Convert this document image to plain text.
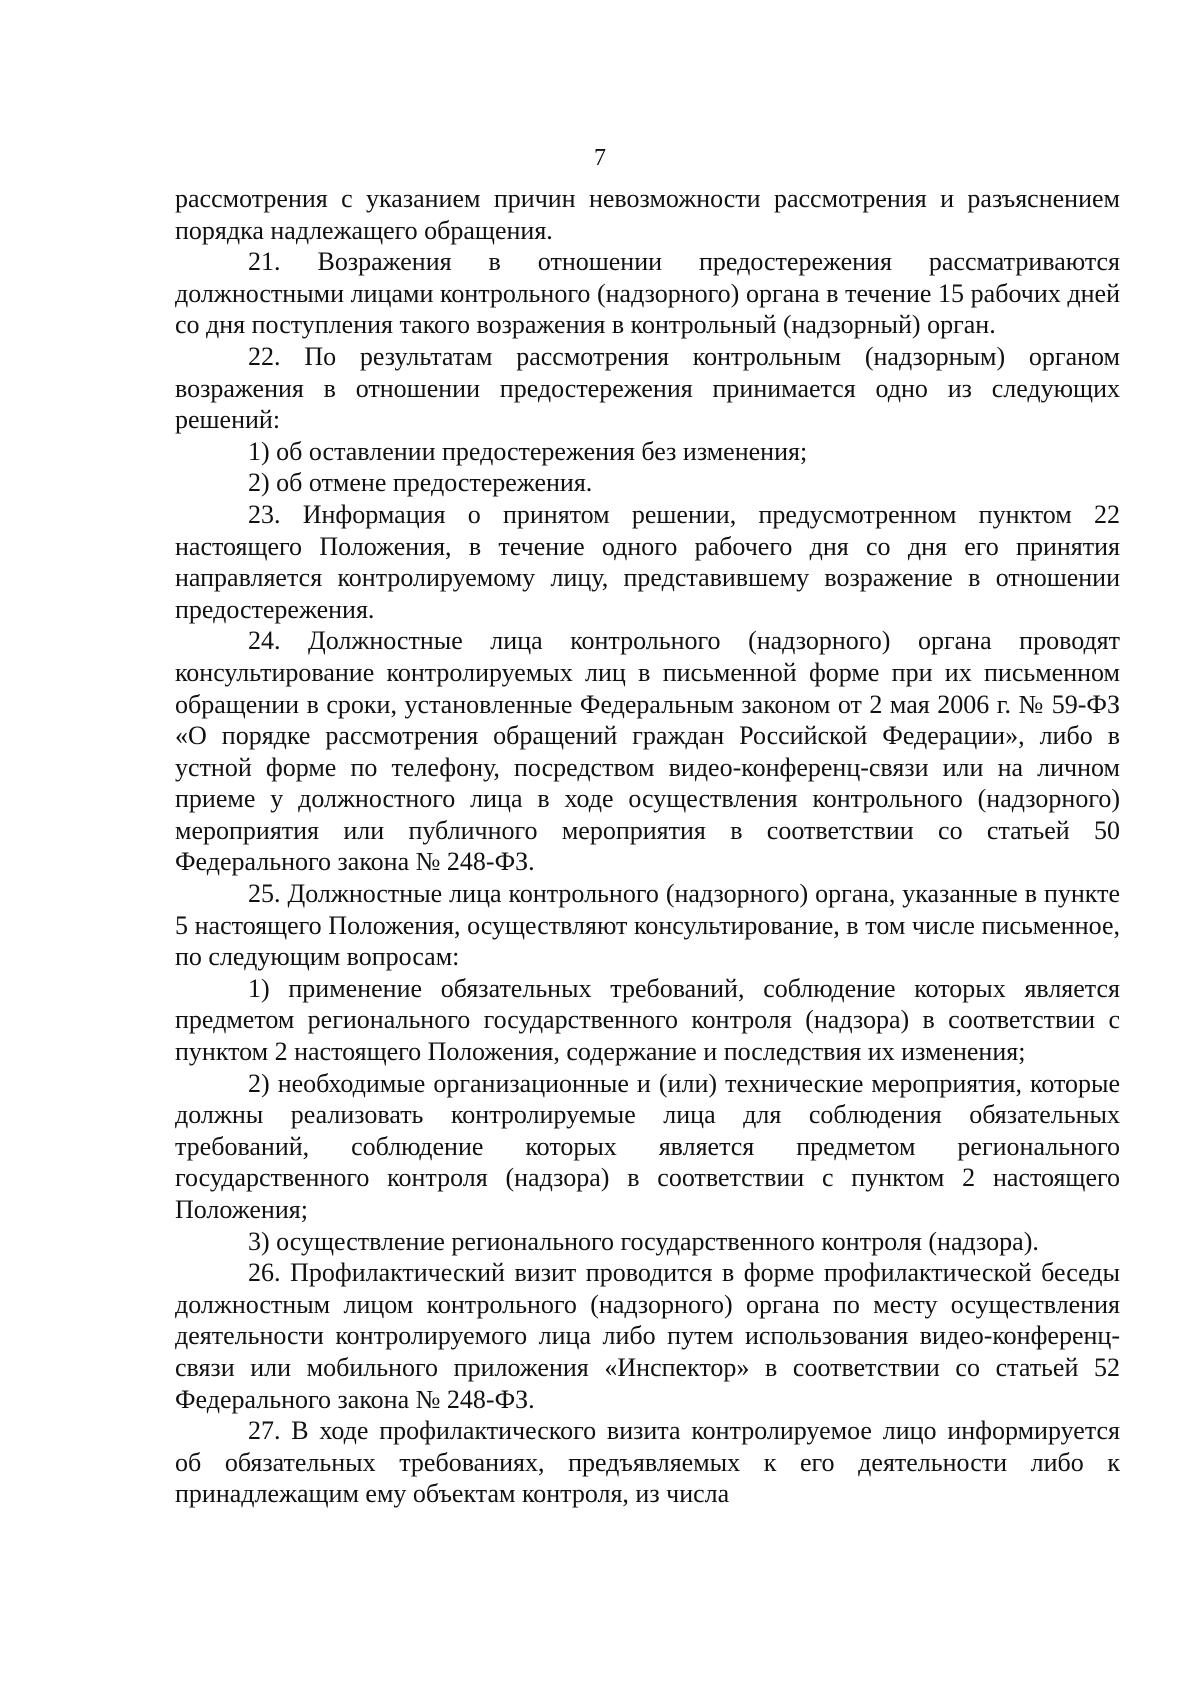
7

рассмотрения с указанием причин невозможности рассмотрения и разъяснением порядка надлежащего обращения.

21. Возражения в отношении предостережения рассматриваются должностными лицами контрольного (надзорного) органа в течение 15 рабочих дней со дня поступления такого возражения в контрольный (надзорный) орган.

22. По результатам рассмотрения контрольным (надзорным) органом возражения в отношении предостережения принимается одно из следующих решений:

1) об оставлении предостережения без изменения;

2) об отмене предостережения.

23. Информация о принятом решении, предусмотренном пунктом 22 настоящего Положения, в течение одного рабочего дня со дня его принятия направляется контролируемому лицу, представившему возражение в отношении предостережения.

24. Должностные лица контрольного (надзорного) органа проводят консультирование контролируемых лиц в письменной форме при их письменном обращении в сроки, установленные Федеральным законом от 2 мая 2006 г. № 59-ФЗ «О порядке рассмотрения обращений граждан Российской Федерации», либо в устной форме по телефону, посредством видео-конференц-связи или на личном приеме у должностного лица в ходе осуществления контрольного (надзорного) мероприятия или публичного мероприятия в соответствии со статьей 50 Федерального закона № 248-ФЗ.

25. Должностные лица контрольного (надзорного) органа, указанные в пункте 5 настоящего Положения, осуществляют консультирование, в том числе письменное, по следующим вопросам:

1) применение обязательных требований, соблюдение которых является предметом регионального государственного контроля (надзора) в соответствии с пунктом 2 настоящего Положения, содержание и последствия их изменения;

2) необходимые организационные и (или) технические мероприятия, которые должны реализовать контролируемые лица для соблюдения обязательных требований, соблюдение которых является предметом регионального государственного контроля (надзора) в соответствии с пунктом 2 настоящего Положения;

3) осуществление регионального государственного контроля (надзора).

26. Профилактический визит проводится в форме профилактической беседы должностным лицом контрольного (надзорного) органа по месту осуществления деятельности контролируемого лица либо путем использования видео-конференц-связи или мобильного приложения «Инспектор» в соответствии со статьей 52 Федерального закона № 248-ФЗ.

27. В ходе профилактического визита контролируемое лицо информируется об обязательных требованиях, предъявляемых к его деятельности либо к принадлежащим ему объектам контроля, из числа
